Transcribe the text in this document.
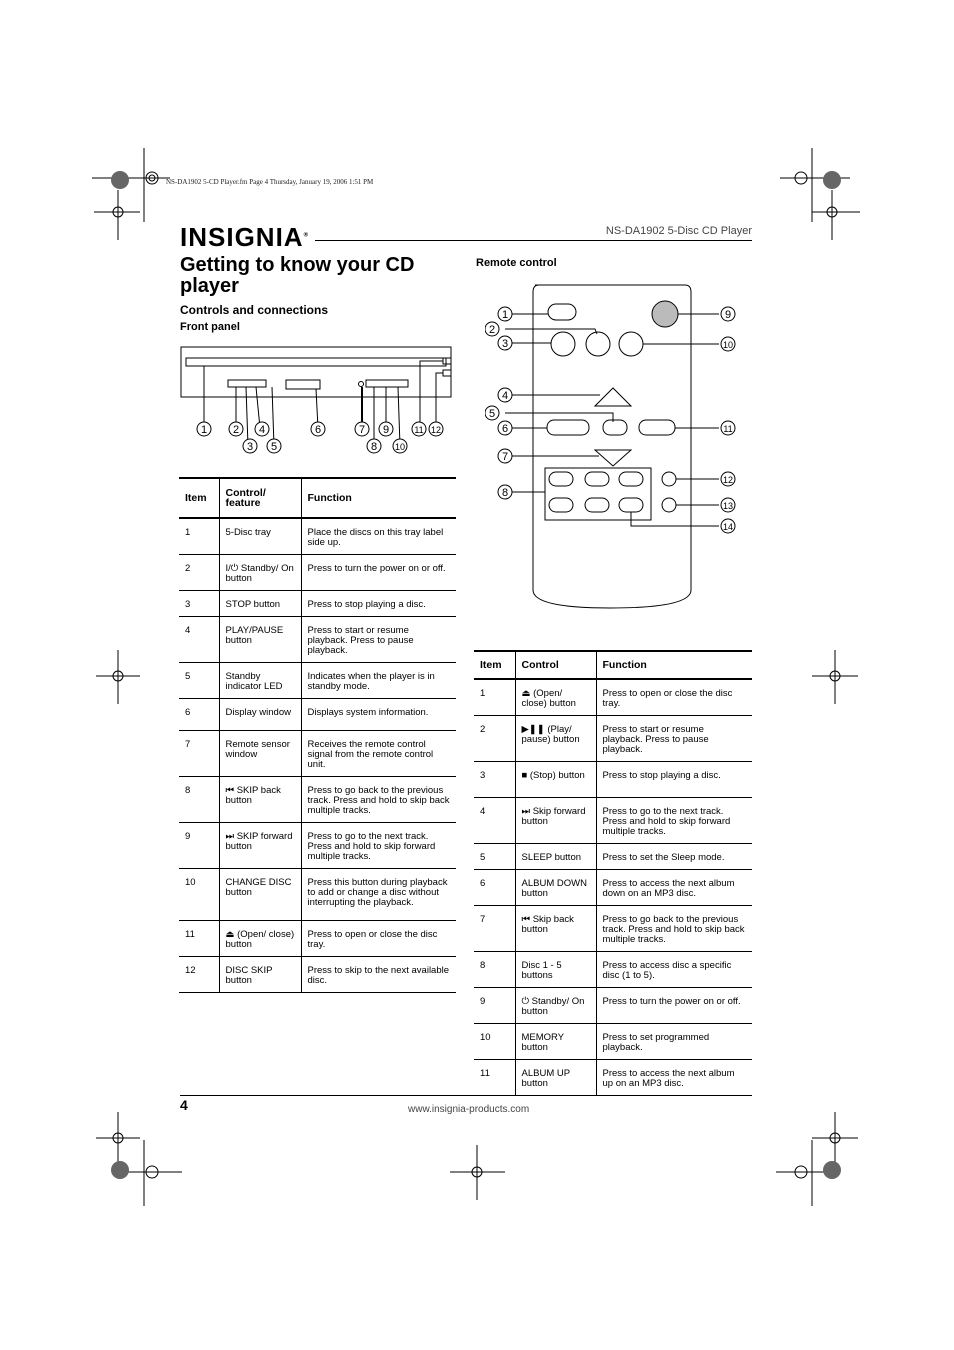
NS-DA1902 5-CD Player.fm Page 4 Thursday, January 19, 2006 1:51 PM
INSIGNIA®	NS-DA1902 5-Disc CD Player
Getting to know your CD player
Controls and connections
Front panel
Remote control
1 2
3
4
5
6	7
8
9
10
11 12
1
2
3
4
5
6
7
8
9
10
11
12
13
14
Item	Control/ feature	Function
1	5-Disc tray	Place the discs on this tray label side up.
2	I/⏻ Standby/ On button	Press to turn the power on or off.
3	STOP button	Press to stop playing a disc.
4	PLAY/PAUSE button	Press to start or resume playback. Press to pause playback.
5	Standby indicator LED	Indicates when the player is in standby mode.
6	Display window	Displays system information.
7	Remote sensor window	Receives the remote control signal from the remote control unit.
8	⏮ SKIP back button	Press to go back to the previous track. Press and hold to skip back multiple tracks.
9	⏭ SKIP forward button	Press to go to the next track. Press and hold to skip forward multiple tracks.
10	CHANGE DISC button	Press this button during playback to add or change a disc without interrupting the playback.
11	⏏ (Open/ close) button	Press to open or close the disc tray.
12	DISC SKIP button	Press to skip to the next available disc.
Item	Control	Function
1	⏏ (Open/ close) button	Press to open or close the disc tray.
2	▶❚❚ (Play/ pause) button	Press to start or resume playback. Press to pause playback.
3	■ (Stop) button	Press to stop playing a disc.
4	⏭ Skip forward button	Press to go to the next track. Press and hold to skip forward multiple tracks.
5	SLEEP button	Press to set the Sleep mode.
6	ALBUM DOWN button	Press to access the next album down on an MP3 disc.
7	⏮ Skip back button	Press to go back to the previous track. Press and hold to skip back multiple tracks.
8	Disc 1 - 5 buttons	Press to access disc a specific disc (1 to 5).
9	⏻ Standby/ On button	Press to turn the power on or off.
10	MEMORY button	Press to set programmed playback.
11	ALBUM UP button	Press to access the next album up on an MP3 disc.
4	www.insignia-products.com
